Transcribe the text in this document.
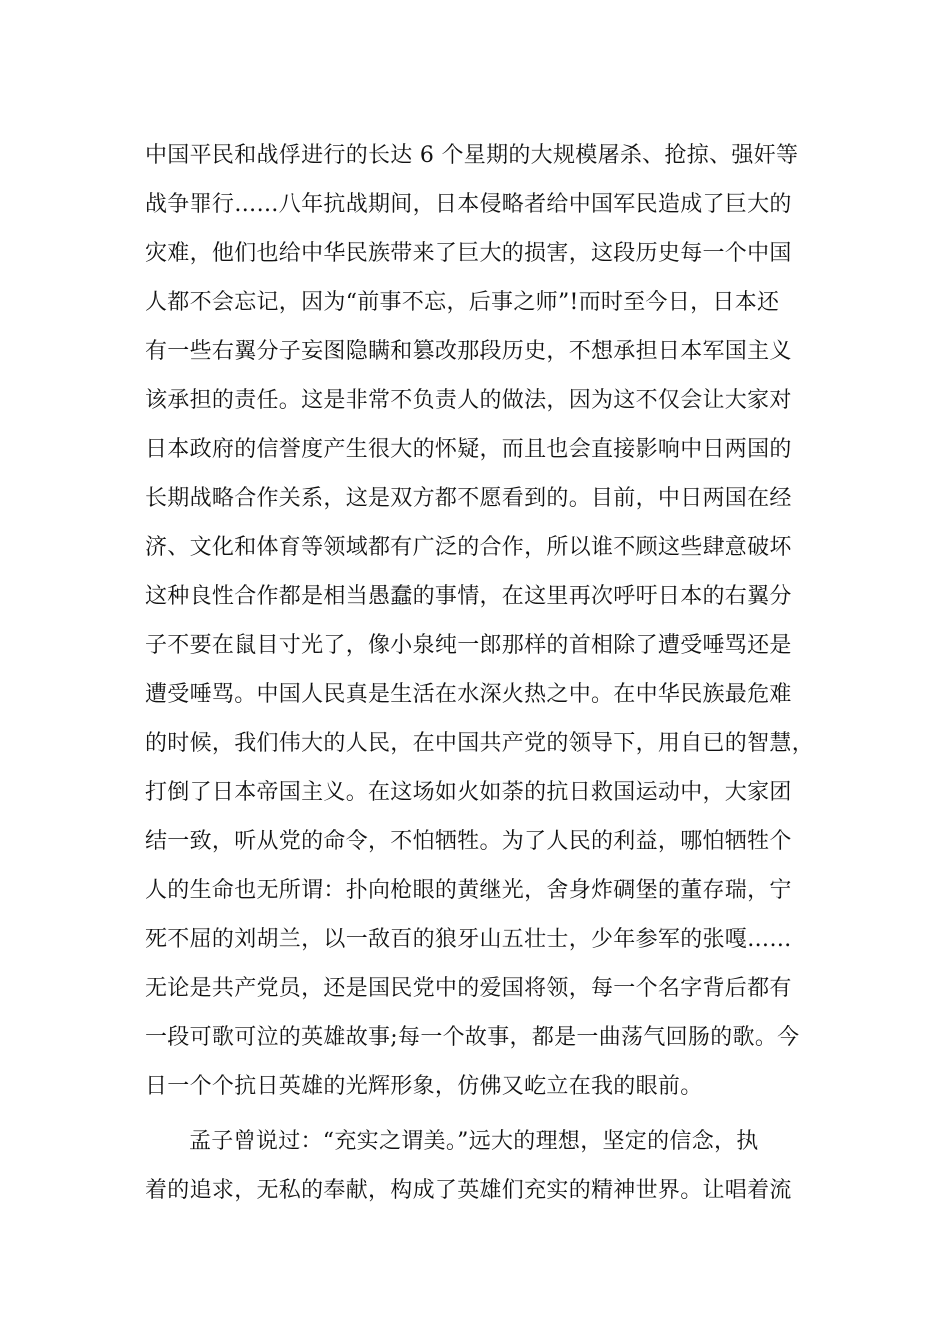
中国平民和战俘进行的长达 6 个星期的大规模屠杀、抢掠、强奸等
战争罪行……八年抗战期间，日本侵略者给中国军民造成了巨大的
灾难，他们也给中华民族带来了巨大的损害，这段历史每一个中国
人都不会忘记，因为“前事不忘，后事之师”!而时至今日，日本还
有一些右翼分子妄图隐瞒和篡改那段历史，不想承担日本军国主义
该承担的责任。这是非常不负责人的做法，因为这不仅会让大家对
日本政府的信誉度产生很大的怀疑，而且也会直接影响中日两国的
长期战略合作关系，这是双方都不愿看到的。目前，中日两国在经
济、文化和体育等领域都有广泛的合作，所以谁不顾这些肆意破坏
这种良性合作都是相当愚蠢的事情，在这里再次呼吁日本的右翼分
子不要在鼠目寸光了，像小泉纯一郎那样的首相除了遭受唾骂还是
遭受唾骂。中国人民真是生活在水深火热之中。在中华民族最危难
的时候，我们伟大的人民，在中国共产党的领导下，用自已的智慧，
打倒了日本帝国主义。在这场如火如荼的抗日救国运动中，大家团
结一致，听从党的命令，不怕牺牲。为了人民的利益，哪怕牺牲个
人的生命也无所谓：扑向枪眼的黄继光，舍身炸碉堡的董存瑞，宁
死不屈的刘胡兰，以一敌百的狼牙山五壮士，少年参军的张嘎……
无论是共产党员，还是国民党中的爱国将领，每一个名字背后都有
一段可歌可泣的英雄故事;每一个故事，都是一曲荡气回肠的歌。今
日一个个抗日英雄的光辉形象，仿佛又屹立在我的眼前。
孟子曾说过：“充实之谓美。”远大的理想，坚定的信念，执
着的追求，无私的奉献，构成了英雄们充实的精神世界。让唱着流
